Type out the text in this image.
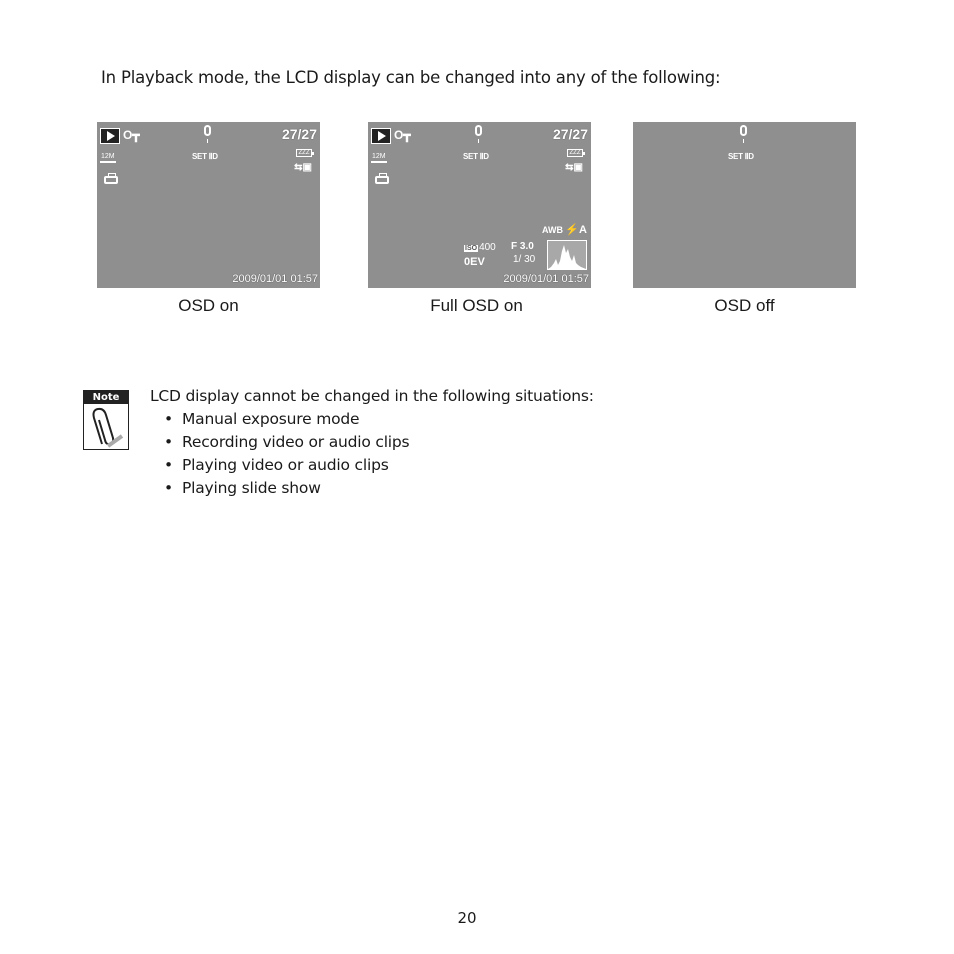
In Playback mode, the LCD display can be changed into any of the following:
O┳	27/27
12M	SET ⅡD	ZZZ
⇆▣
2009/01/01 01:57
O┳	27/27
12M	SET ⅡD	ZZZ
⇆▣
AWB ⚡A
ISO 400
0EV
F 3.0
1/ 30
2009/01/01 01:57
SET ⅡD
OSD on	Full OSD on	OSD off
Note	LCD display cannot be changed in the following situations:
• Manual exposure mode
• Recording video or audio clips
• Playing video or audio clips
• Playing slide show
20
